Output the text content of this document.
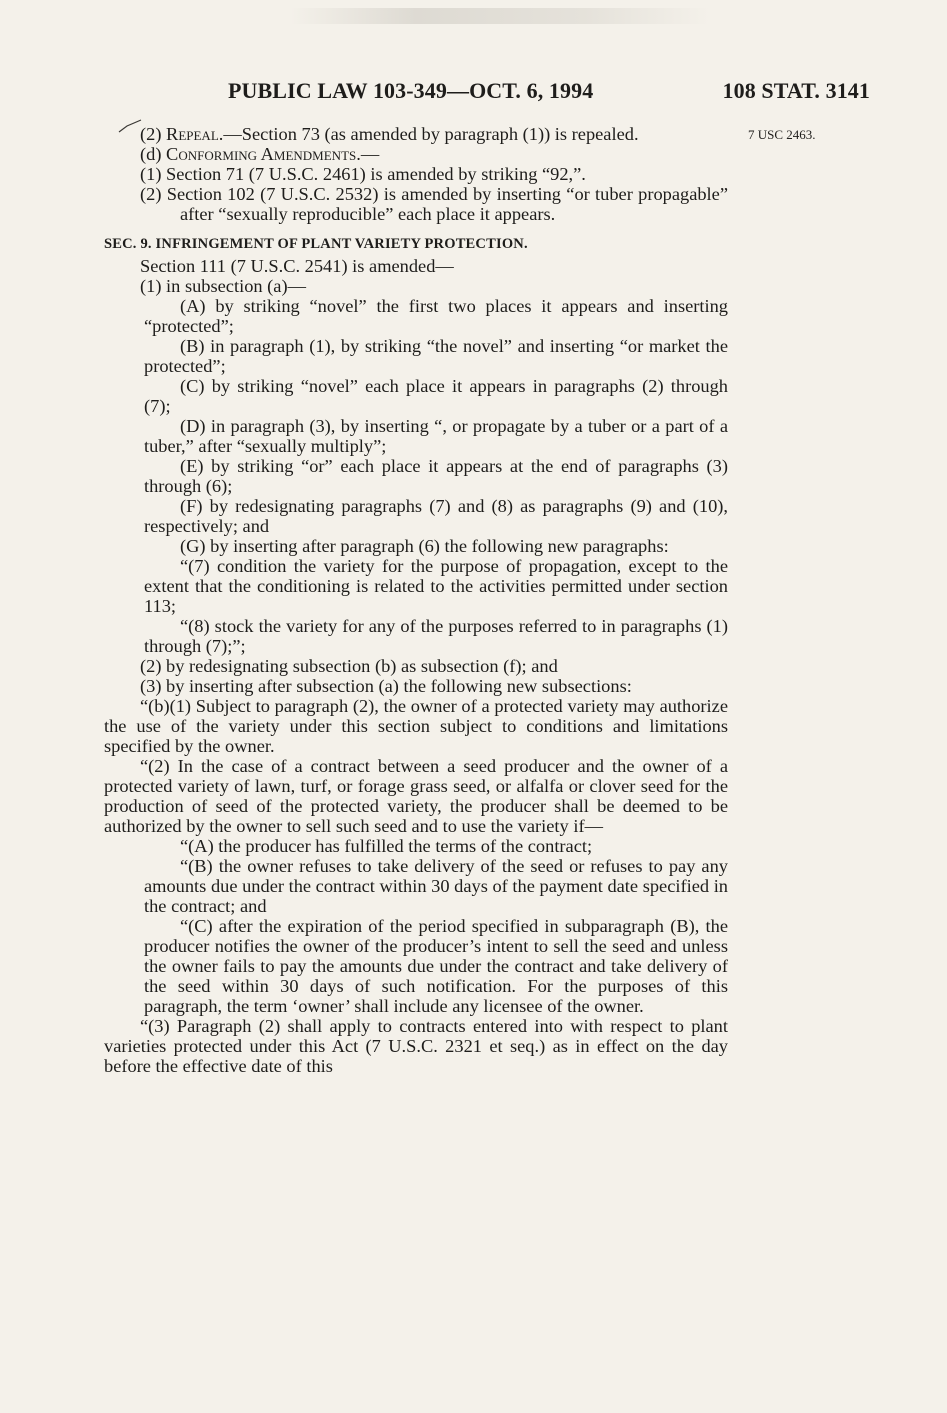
PUBLIC LAW 103-349—OCT. 6, 1994	108 STAT. 3141
7 USC 2463.

(2) Repeal.—Section 73 (as amended by paragraph (1)) is repealed.

(d) Conforming Amendments.—

(1) Section 71 (7 U.S.C. 2461) is amended by striking “92,”.

(2) Section 102 (7 U.S.C. 2532) is amended by inserting “or tuber propagable” after “sexually reproducible” each place it appears.

SEC. 9. INFRINGEMENT OF PLANT VARIETY PROTECTION.

Section 111 (7 U.S.C. 2541) is amended—

(1) in subsection (a)—

(A) by striking “novel” the first two places it appears and inserting “protected”;

(B) in paragraph (1), by striking “the novel” and inserting “or market the protected”;

(C) by striking “novel” each place it appears in paragraphs (2) through (7);

(D) in paragraph (3), by inserting “, or propagate by a tuber or a part of a tuber,” after “sexually multiply”;

(E) by striking “or” each place it appears at the end of paragraphs (3) through (6);

(F) by redesignating paragraphs (7) and (8) as paragraphs (9) and (10), respectively; and

(G) by inserting after paragraph (6) the following new paragraphs:

“(7) condition the variety for the purpose of propagation, except to the extent that the conditioning is related to the activities permitted under section 113;

“(8) stock the variety for any of the purposes referred to in paragraphs (1) through (7);”;

(2) by redesignating subsection (b) as subsection (f); and

(3) by inserting after subsection (a) the following new subsections:

“(b)(1) Subject to paragraph (2), the owner of a protected variety may authorize the use of the variety under this section subject to conditions and limitations specified by the owner.

“(2) In the case of a contract between a seed producer and the owner of a protected variety of lawn, turf, or forage grass seed, or alfalfa or clover seed for the production of seed of the protected variety, the producer shall be deemed to be authorized by the owner to sell such seed and to use the variety if—

“(A) the producer has fulfilled the terms of the contract;

“(B) the owner refuses to take delivery of the seed or refuses to pay any amounts due under the contract within 30 days of the payment date specified in the contract; and

“(C) after the expiration of the period specified in subparagraph (B), the producer notifies the owner of the producer’s intent to sell the seed and unless the owner fails to pay the amounts due under the contract and take delivery of the seed within 30 days of such notification. For the purposes of this paragraph, the term ‘owner’ shall include any licensee of the owner.

“(3) Paragraph (2) shall apply to contracts entered into with respect to plant varieties protected under this Act (7 U.S.C. 2321 et seq.) as in effect on the day before the effective date of this
